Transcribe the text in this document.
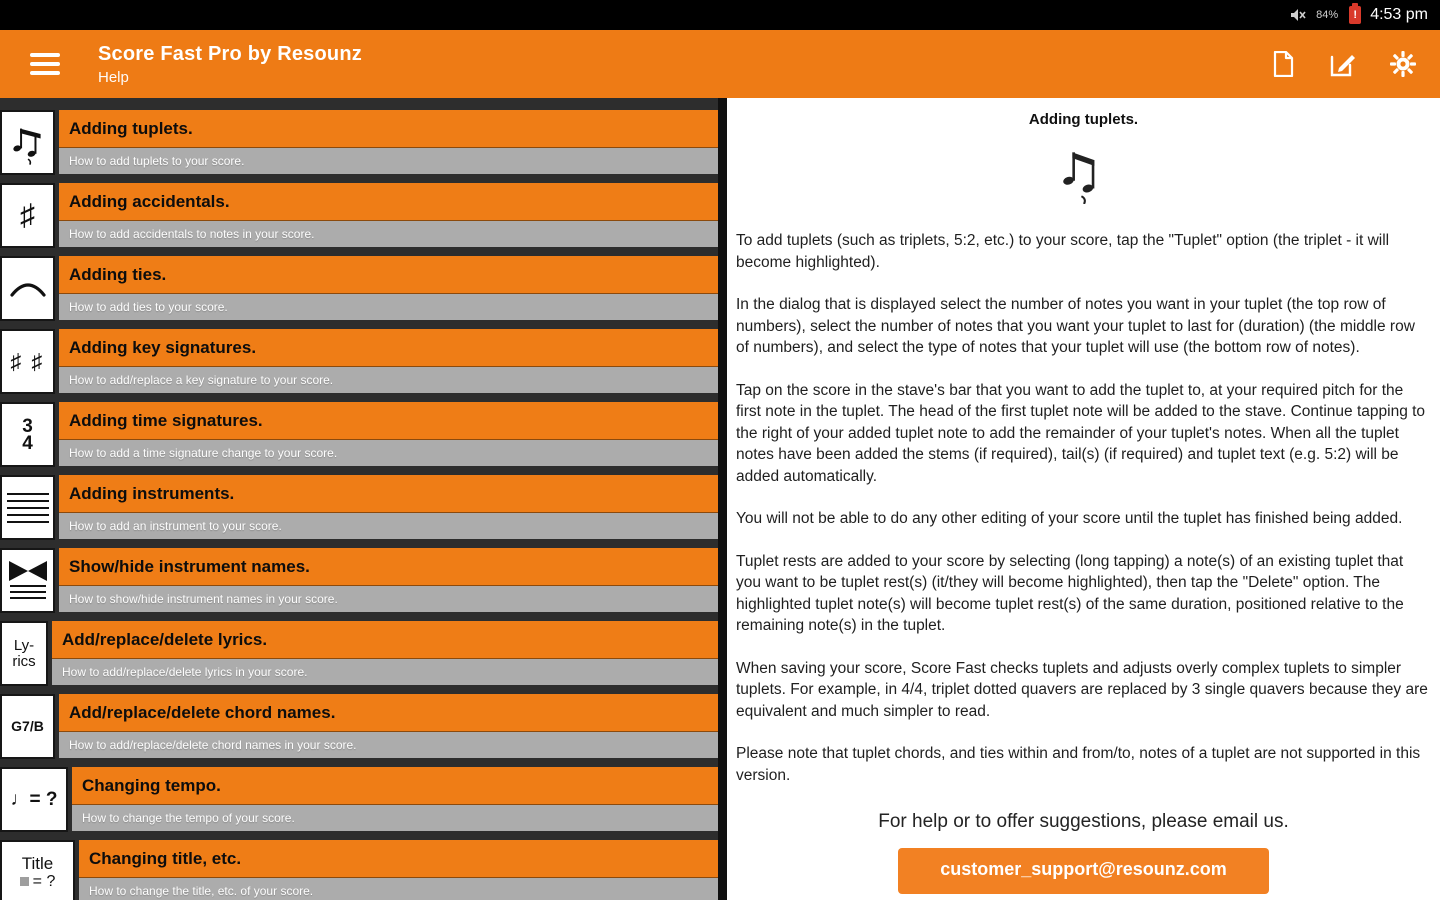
84%	! 4:53 pm
Score Fast Pro by Resounz
Help
Adding tuplets.
How to add tuplets to your score.
♯	Adding accidentals.
How to add accidentals to notes in your score.
Adding ties.
How to add ties to your score.
♯ ♯
Adding key signatures.
How to add/replace a key signature to your score.
3
4
Adding time signatures.
How to add a time signature change to your score.
Adding instruments.
How to add an instrument to your score.
Show/hide instrument names.
How to show/hide instrument names in your score.
Ly-
rics
Add/replace/delete lyrics.
How to add/replace/delete lyrics in your score.
G7/B
Add/replace/delete chord names.
How to add/replace/delete chord names in your score.
♩= ?
Changing tempo.
How to change the tempo of your score.
Title
= ?
Changing title, etc.
How to change the title, etc. of your score.
Adding tuplets.

To add tuplets (such as triplets, 5:2, etc.) to your score, tap the "Tuplet" option (the triplet - it will become highlighted).

In the dialog that is displayed select the number of notes you want in your tuplet (the top row of numbers), select the number of notes that you want your tuplet to last for (duration) (the middle row of numbers), and select the type of notes that your tuplet will use (the bottom row of notes).

Tap on the score in the stave's bar that you want to add the tuplet to, at your required pitch for the first note in the tuplet. The head of the first tuplet note will be added to the stave. Continue tapping to the right of your added tuplet note to add the remainder of your tuplet's notes. When all the tuplet notes have been added the stems (if required), tail(s) (if required) and tuplet text (e.g. 5:2) will be added automatically.

You will not be able to do any other editing of your score until the tuplet has finished being added.

Tuplet rests are added to your score by selecting (long tapping) a note(s) of an existing tuplet that you want to be tuplet rest(s) (it/they will become highlighted), then tap the "Delete" option. The highlighted tuplet note(s) will become tuplet rest(s) of the same duration, positioned relative to the remaining note(s) in the tuplet.

When saving your score, Score Fast checks tuplets and adjusts overly complex tuplets to simpler tuplets. For example, in 4/4, triplet dotted quavers are replaced by 3 single quavers because they are equivalent and much simpler to read.

Please note that tuplet chords, and ties within and from/to, notes of a tuplet are not supported in this version.

For help or to offer suggestions, please email us.
customer_support@resounz.com
